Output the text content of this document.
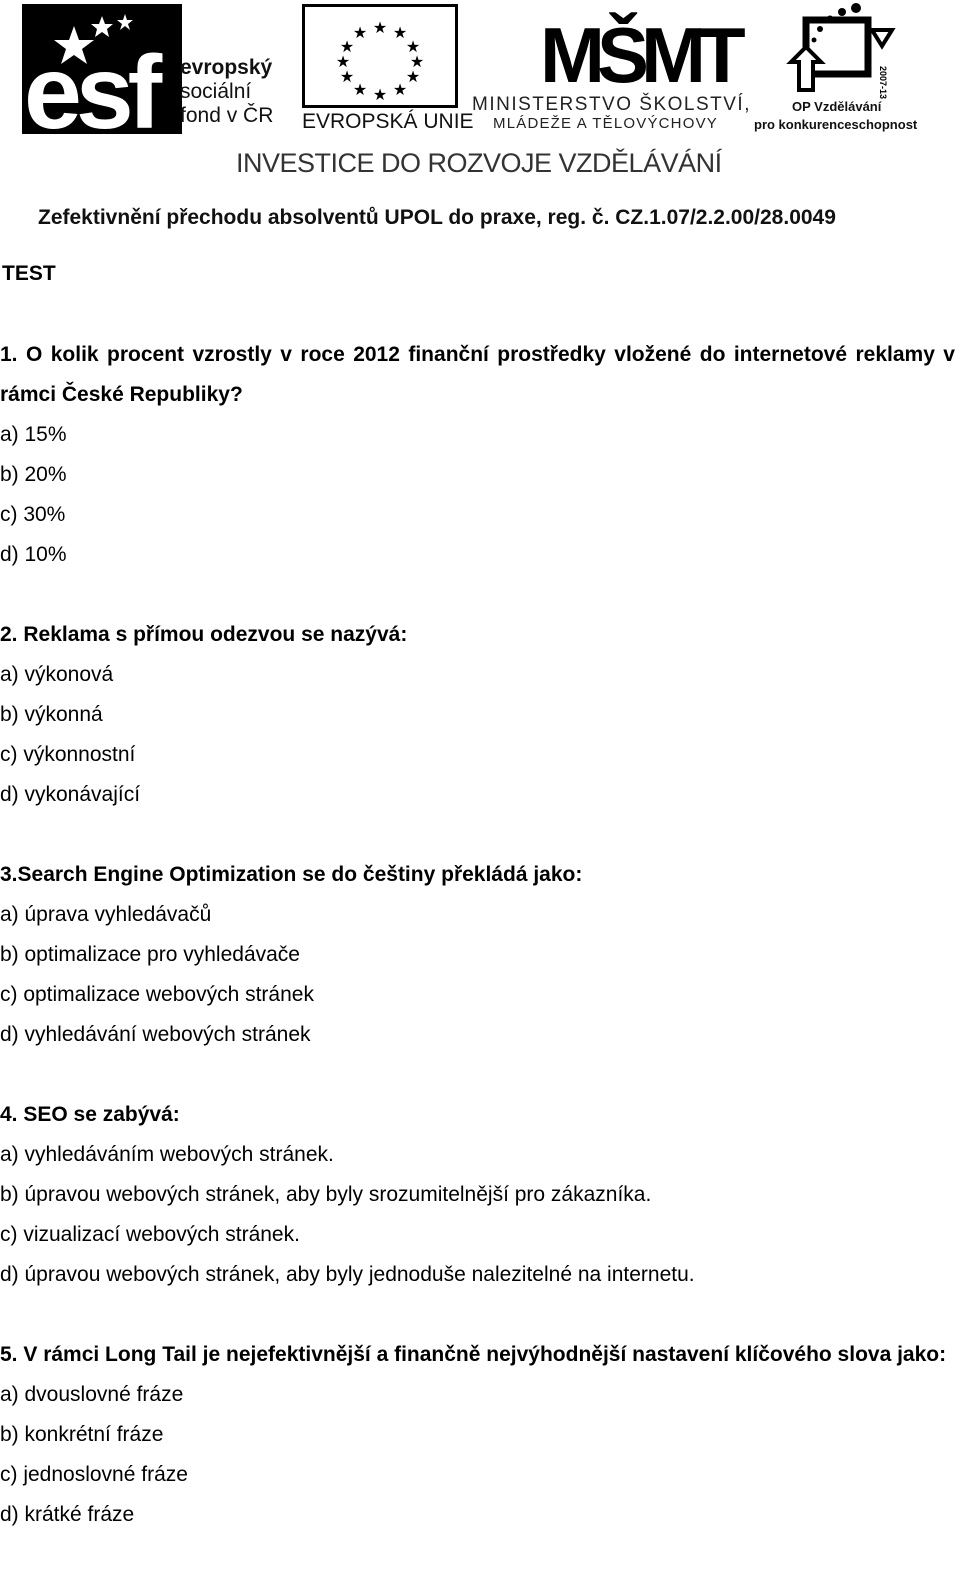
esf	evropský
sociální
fond v ČR
★ ★
★
★
★
★
★
★
★
★
★
★
EVROPSKÁ UNIE
MŠMT
MINISTERSTVO ŠKOLSTVÍ,
MLÁDEŽE A TĚLOVÝCHOVY
2007-13
OP Vzdělávání
pro konkurenceschopnost
INVESTICE DO ROZVOJE VZDĚLÁVÁNÍ
Zefektivnění přechodu absolventů UPOL do praxe, reg. č. CZ.1.07/2.2.00/28.0049
TEST

1. O kolik procent vzrostly v roce 2012 finanční prostředky vložené do internetové reklamy v rámci České Republiky?

a) 15%

b) 20%

c) 30%

d) 10%

2. Reklama s přímou odezvou se nazývá:

a) výkonová

b) výkonná

c) výkonnostní

d) vykonávající

3.Search Engine Optimization se do češtiny překládá jako:

a) úprava vyhledávačů

b) optimalizace pro vyhledávače

c) optimalizace webových stránek

d) vyhledávání webových stránek

4. SEO se zabývá:

a) vyhledáváním webových stránek.

b) úpravou webových stránek, aby byly srozumitelnější pro zákazníka.

c) vizualizací webových stránek.

d) úpravou webových stránek, aby byly jednoduše nalezitelné na internetu.

5. V rámci Long Tail je nejefektivnější a finančně nejvýhodnější nastavení klíčového slova jako:

a) dvouslovné fráze

b) konkrétní fráze

c) jednoslovné fráze

d) krátké fráze
